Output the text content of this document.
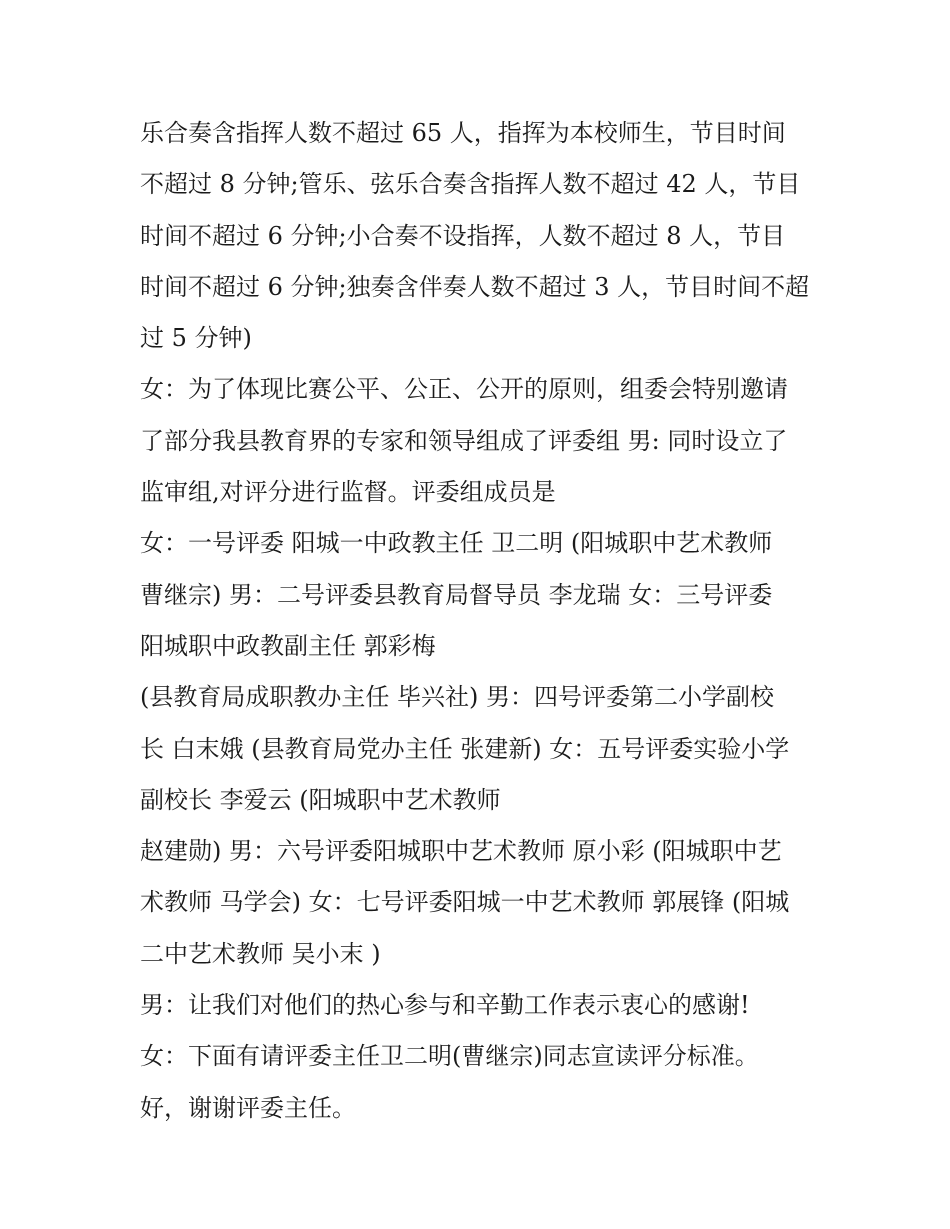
乐合奏含指挥人数不超过 65 人，指挥为本校师生，节目时间
不超过 8 分钟;管乐、弦乐合奏含指挥人数不超过 42 人，节目
时间不超过 6 分钟;小合奏不设指挥，人数不超过 8 人，节目
时间不超过 6 分钟;独奏含伴奏人数不超过 3 人，节目时间不超
过 5 分钟)
女：为了体现比赛公平、公正、公开的原则，组委会特别邀请
了部分我县教育界的专家和领导组成了评委组 男: 同时设立了
监审组,对评分进行监督。评委组成员是
女：一号评委 阳城一中政教主任 卫二明 (阳城职中艺术教师
曹继宗) 男：二号评委县教育局督导员 李龙瑞 女：三号评委
阳城职中政教副主任 郭彩梅
(县教育局成职教办主任 毕兴社) 男：四号评委第二小学副校
长 白末娥 (县教育局党办主任 张建新) 女：五号评委实验小学
副校长 李爱云 (阳城职中艺术教师
赵建勋) 男：六号评委阳城职中艺术教师 原小彩 (阳城职中艺
术教师 马学会) 女：七号评委阳城一中艺术教师 郭展锋 (阳城
二中艺术教师 吴小末 )
男：让我们对他们的热心参与和辛勤工作表示衷心的感谢!
女：下面有请评委主任卫二明(曹继宗)同志宣读评分标准。
好，谢谢评委主任。
